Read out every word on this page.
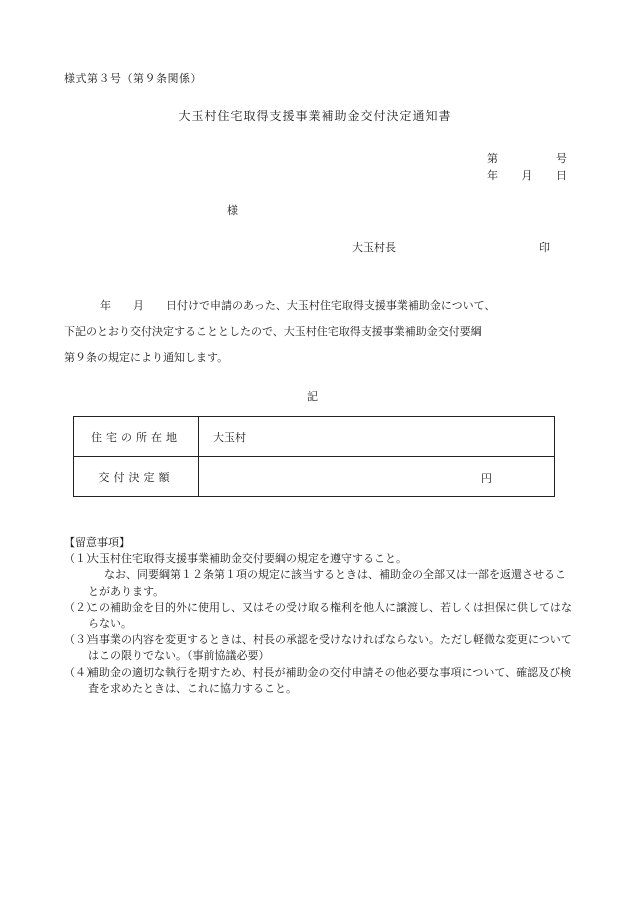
様式第３号（第９条関係）
大玉村住宅取得支援事業補助金交付決定通知書
第	号
年 月 日
様
大玉村長	印
年　　月　　日付けで申請のあった、大玉村住宅取得支援事業補助金について、
下記のとおり交付決定することとしたので、大玉村住宅取得支援事業補助金交付要綱
第９条の規定により通知します。
記
住宅の所在地	大玉村
交付決定額	円
【留意事項】
（１）大玉村住宅取得支援事業補助金交付要綱の規定を遵守すること。
なお、同要綱第１２条第１項の規定に該当するときは、補助金の全部又は一部を返還させることがあります。
（２）この補助金を目的外に使用し、又はその受け取る権利を他人に譲渡し、若しくは担保に供してはならない。
（３）当事業の内容を変更するときは、村長の承認を受けなければならない。ただし軽微な変更についてはこの限りでない。（事前協議必要）
（４）補助金の適切な執行を期すため、村長が補助金の交付申請その他必要な事項について、確認及び検査を求めたときは、これに協力すること。
